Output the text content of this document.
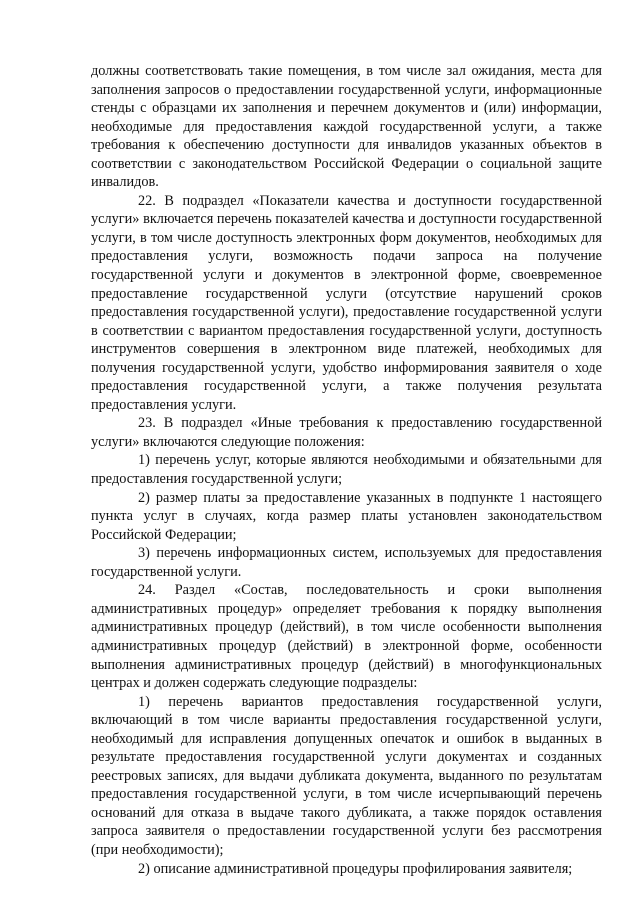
должны соответствовать такие помещения, в том числе зал ожидания, места для заполнения запросов о предоставлении государственной услуги, информационные стенды с образцами их заполнения и перечнем документов и (или) информации, необходимые для предоставления каждой государственной услуги, а также требования к обеспечению доступности для инвалидов указанных объектов в соответствии с законодательством Российской Федерации о социальной защите инвалидов.

22. В подраздел «Показатели качества и доступности государственной услуги» включается перечень показателей качества и доступности государственной услуги, в том числе доступность электронных форм документов, необходимых для предоставления услуги, возможность подачи запроса на получение государственной услуги и документов в электронной форме, своевременное предоставление государственной услуги (отсутствие нарушений сроков предоставления государственной услуги), предоставление государственной услуги в соответствии с вариантом предоставления государственной услуги, доступность инструментов совершения в электронном виде платежей, необходимых для получения государственной услуги, удобство информирования заявителя о ходе предоставления государственной услуги, а также получения результата предоставления услуги.

23. В подраздел «Иные требования к предоставлению государственной услуги» включаются следующие положения:

1) перечень услуг, которые являются необходимыми и обязательными для предоставления государственной услуги;

2) размер платы за предоставление указанных в подпункте 1 настоящего пункта услуг в случаях, когда размер платы установлен законодательством Российской Федерации;

3) перечень информационных систем, используемых для предоставления государственной услуги.

24. Раздел «Состав, последовательность и сроки выполнения административных процедур» определяет требования к порядку выполнения административных процедур (действий), в том числе особенности выполнения административных процедур (действий) в электронной форме, особенности выполнения административных процедур (действий) в многофункциональных центрах и должен содержать следующие подразделы:

1) перечень вариантов предоставления государственной услуги, включающий в том числе варианты предоставления государственной услуги, необходимый для исправления допущенных опечаток и ошибок в выданных в результате предоставления государственной услуги документах и созданных реестровых записях, для выдачи дубликата документа, выданного по результатам предоставления государственной услуги, в том числе исчерпывающий перечень оснований для отказа в выдаче такого дубликата, а также порядок оставления запроса заявителя о предоставлении государственной услуги без рассмотрения (при необходимости);

2) описание административной процедуры профилирования заявителя;
